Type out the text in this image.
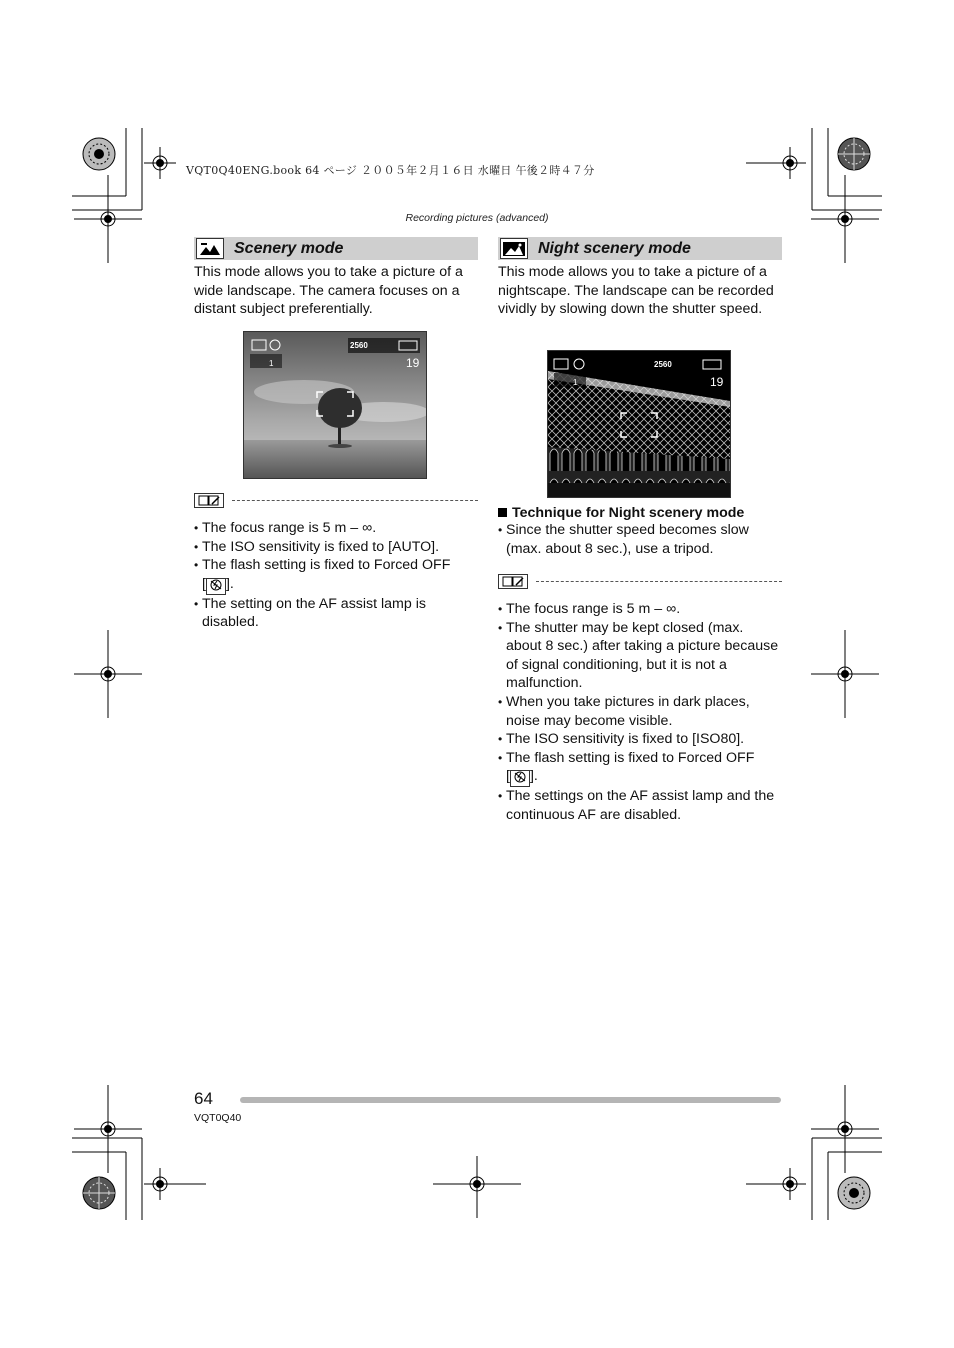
VQT0Q40ENG.book 64 ページ ２００５年２月１６日 水曜日 午後２時４７分
Recording pictures (advanced)
Scenery mode
This mode allows you to take a picture of a wide landscape. The camera focuses on a distant subject preferentially.
2560
19
1
• The focus range is 5 m – ∞.
• The ISO sensitivity is fixed to [AUTO].
• The flash setting is fixed to Forced OFF
[ ].
• The setting on the AF assist lamp is disabled.
Night scenery mode
This mode allows you to take a picture of a nightscape. The landscape can be recorded vividly by slowing down the shutter speed.
2560
19
1
Technique for Night scenery mode
• Since the shutter speed becomes slow (max. about 8 sec.), use a tripod.
• The focus range is 5 m – ∞.
• The shutter may be kept closed (max. about 8 sec.) after taking a picture because of signal conditioning, but it is not a malfunction.
• When you take pictures in dark places, noise may become visible.
• The ISO sensitivity is fixed to [ISO80].
• The flash setting is fixed to Forced OFF
[ ].
• The settings on the AF assist lamp and the continuous AF are disabled.
64
VQT0Q40
